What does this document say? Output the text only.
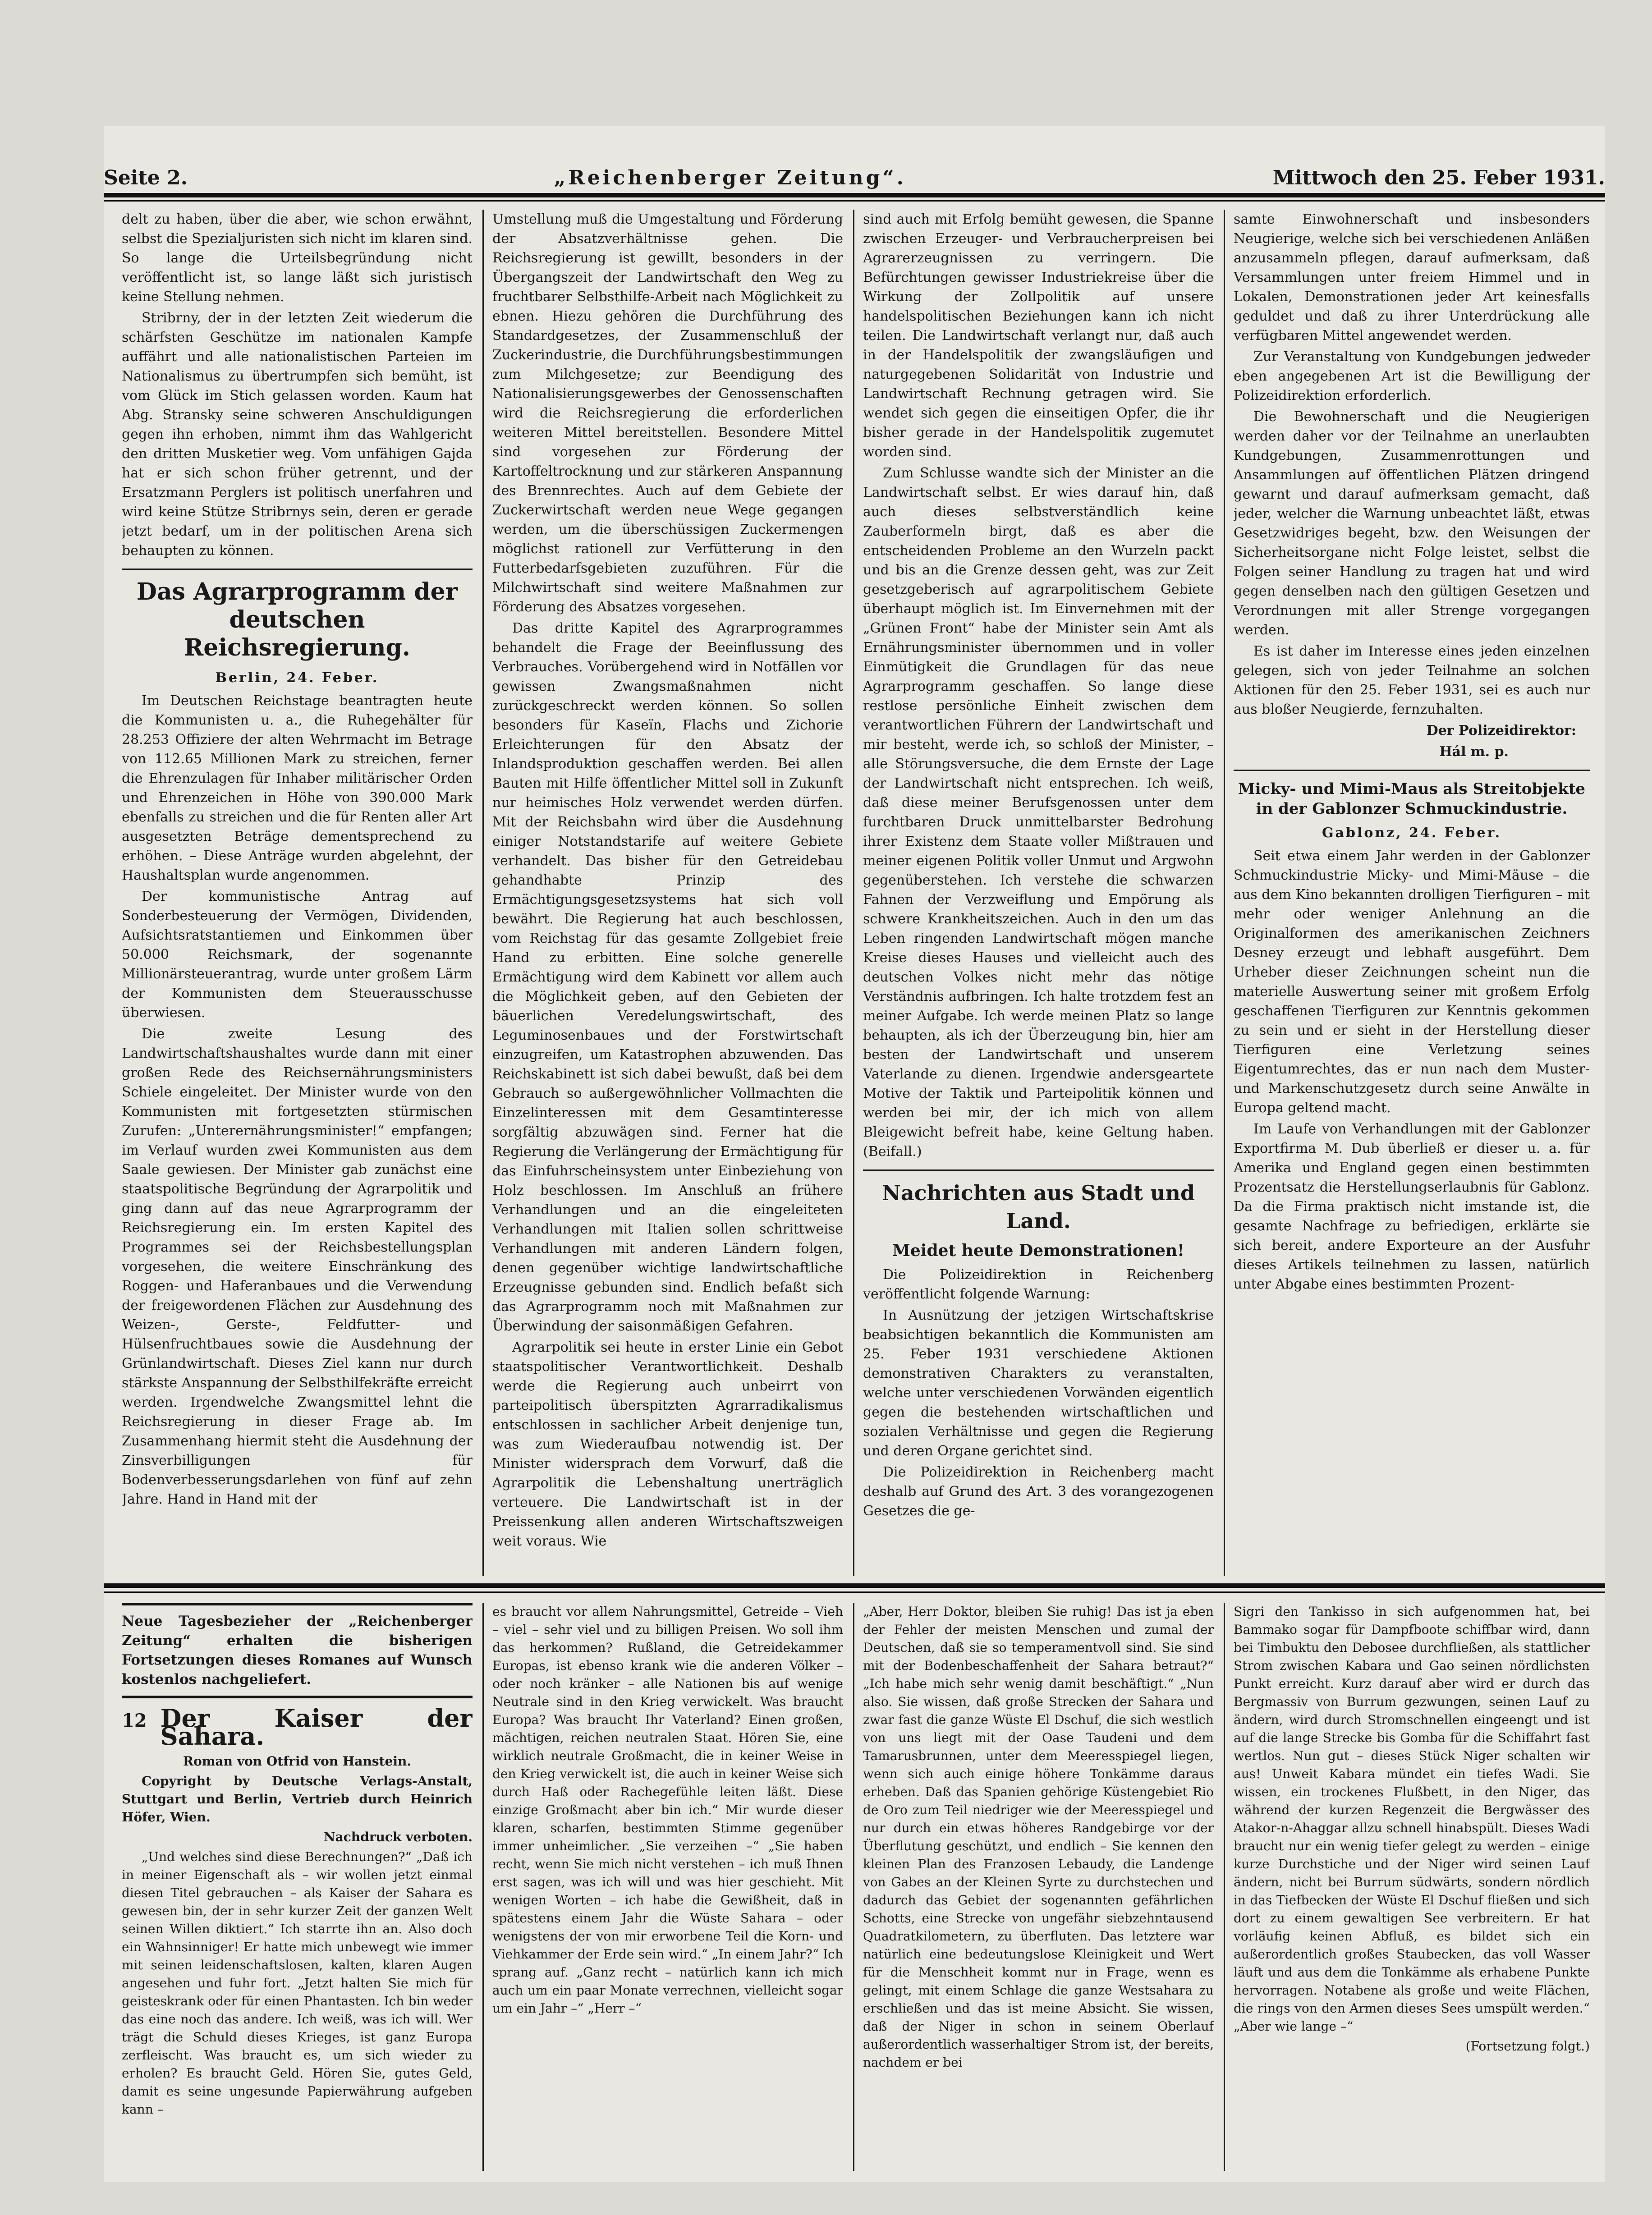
Seite 2.	„Reichenberger Zeitung“.	Mittwoch den 25. Feber 1931.

delt zu haben, über die aber, wie schon erwähnt, selbst die Spezialjuristen sich nicht im klaren sind. So lange die Urteilsbegründung nicht veröffentlicht ist, so lange läßt sich juristisch keine Stellung nehmen.

Stribrny, der in der letzten Zeit wiederum die schärfsten Geschütze im nationalen Kampfe auffährt und alle nationalistischen Parteien im Nationalismus zu übertrumpfen sich bemüht, ist vom Glück im Stich gelassen worden. Kaum hat Abg. Stransky seine schweren Anschuldigungen gegen ihn erhoben, nimmt ihm das Wahlgericht den dritten Musketier weg. Vom unfähigen Gajda hat er sich schon früher getrennt, und der Ersatzmann Perglers ist politisch unerfahren und wird keine Stütze Stribrnys sein, deren er gerade jetzt bedarf, um in der politischen Arena sich behaupten zu können.

Das Agrarprogramm der deutschen Reichsregierung.
Berlin, 24. Feber.

Im Deutschen Reichstage beantragten heute die Kommunisten u. a., die Ruhegehälter für 28.253 Offiziere der alten Wehrmacht im Betrage von 112.65 Millionen Mark zu streichen, ferner die Ehrenzulagen für Inhaber militärischer Orden und Ehrenzeichen in Höhe von 390.000 Mark ebenfalls zu streichen und die für Renten aller Art ausgesetzten Beträge dementsprechend zu erhöhen. – Diese Anträge wurden abgelehnt, der Haushaltsplan wurde angenommen.

Der kommunistische Antrag auf Sonderbesteuerung der Vermögen, Dividenden, Aufsichtsratstantiemen und Einkommen über 50.000 Reichsmark, der sogenannte Millionärsteuerantrag, wurde unter großem Lärm der Kommunisten dem Steuerausschusse überwiesen.

Die zweite Lesung des Landwirtschaftshaushaltes wurde dann mit einer großen Rede des Reichsernährungsministers Schiele eingeleitet. Der Minister wurde von den Kommunisten mit fortgesetzten stürmischen Zurufen: „Unterernährungsminister!“ empfangen; im Verlauf wurden zwei Kommunisten aus dem Saale gewiesen. Der Minister gab zunächst eine staatspolitische Begründung der Agrarpolitik und ging dann auf das neue Agrarprogramm der Reichsregierung ein. Im ersten Kapitel des Programmes sei der Reichsbestellungsplan vorgesehen, die weitere Einschränkung des Roggen- und Haferanbaues und die Verwendung der freigewordenen Flächen zur Ausdehnung des Weizen-, Gerste-, Feldfutter- und Hülsenfruchtbaues sowie die Ausdehnung der Grünlandwirtschaft. Dieses Ziel kann nur durch stärkste Anspannung der Selbsthilfekräfte erreicht werden. Irgendwelche Zwangsmittel lehnt die Reichsregierung in dieser Frage ab. Im Zusammenhang hiermit steht die Ausdehnung der Zinsverbilligungen für Bodenverbesserungsdarlehen von fünf auf zehn Jahre. Hand in Hand mit der

Umstellung muß die Umgestaltung und Förderung der Absatzverhältnisse gehen. Die Reichsregierung ist gewillt, besonders in der Übergangszeit der Landwirtschaft den Weg zu fruchtbarer Selbsthilfe-Arbeit nach Möglichkeit zu ebnen. Hiezu gehören die Durchführung des Standardgesetzes, der Zusammenschluß der Zuckerindustrie, die Durchführungsbestimmungen zum Milchgesetze; zur Beendigung des Nationalisierungsgewerbes der Genossenschaften wird die Reichsregierung die erforderlichen weiteren Mittel bereitstellen. Besondere Mittel sind vorgesehen zur Förderung der Kartoffeltrocknung und zur stärkeren Anspannung des Brennrechtes. Auch auf dem Gebiete der Zuckerwirtschaft werden neue Wege gegangen werden, um die überschüssigen Zuckermengen möglichst rationell zur Verfütterung in den Futterbedarfsgebieten zuzuführen. Für die Milchwirtschaft sind weitere Maßnahmen zur Förderung des Absatzes vorgesehen.

Das dritte Kapitel des Agrarprogrammes behandelt die Frage der Beeinflussung des Verbrauches. Vorübergehend wird in Notfällen vor gewissen Zwangsmaßnahmen nicht zurückgeschreckt werden können. So sollen besonders für Kaseïn, Flachs und Zichorie Erleichterungen für den Absatz der Inlandsproduktion geschaffen werden. Bei allen Bauten mit Hilfe öffentlicher Mittel soll in Zukunft nur heimisches Holz verwendet werden dürfen. Mit der Reichsbahn wird über die Ausdehnung einiger Notstandstarife auf weitere Gebiete verhandelt. Das bisher für den Getreidebau gehandhabte Prinzip des Ermächtigungsgesetzsystems hat sich voll bewährt. Die Regierung hat auch beschlossen, vom Reichstag für das gesamte Zollgebiet freie Hand zu erbitten. Eine solche generelle Ermächtigung wird dem Kabinett vor allem auch die Möglichkeit geben, auf den Gebieten der bäuerlichen Veredelungswirtschaft, des Leguminosenbaues und der Forstwirtschaft einzugreifen, um Katastrophen abzuwenden. Das Reichskabinett ist sich dabei bewußt, daß bei dem Gebrauch so außergewöhnlicher Vollmachten die Einzelinteressen mit dem Gesamtinteresse sorgfältig abzuwägen sind. Ferner hat die Regierung die Verlängerung der Ermächtigung für das Einfuhrscheinsystem unter Einbeziehung von Holz beschlossen. Im Anschluß an frühere Verhandlungen und an die eingeleiteten Verhandlungen mit Italien sollen schrittweise Verhandlungen mit anderen Ländern folgen, denen gegenüber wichtige landwirtschaftliche Erzeugnisse gebunden sind. Endlich befaßt sich das Agrarprogramm noch mit Maßnahmen zur Überwindung der saisonmäßigen Gefahren.

Agrarpolitik sei heute in erster Linie ein Gebot staatspolitischer Verantwortlichkeit. Deshalb werde die Regierung auch unbeirrt von parteipolitisch überspitzten Agrarradikalismus entschlossen in sachlicher Arbeit denjenige tun, was zum Wiederaufbau notwendig ist. Der Minister widersprach dem Vorwurf, daß die Agrarpolitik die Lebenshaltung unerträglich verteuere. Die Landwirtschaft ist in der Preissenkung allen anderen Wirtschaftszweigen weit voraus. Wie

sind auch mit Erfolg bemüht gewesen, die Spanne zwischen Erzeuger- und Verbraucherpreisen bei Agrarerzeugnissen zu verringern. Die Befürchtungen gewisser Industriekreise über die Wirkung der Zollpolitik auf unsere handelspolitischen Beziehungen kann ich nicht teilen. Die Landwirtschaft verlangt nur, daß auch in der Handelspolitik der zwangsläufigen und naturgegebenen Solidarität von Industrie und Landwirtschaft Rechnung getragen wird. Sie wendet sich gegen die einseitigen Opfer, die ihr bisher gerade in der Handelspolitik zugemutet worden sind.

Zum Schlusse wandte sich der Minister an die Landwirtschaft selbst. Er wies darauf hin, daß auch dieses selbstverständlich keine Zauberformeln birgt, daß es aber die entscheidenden Probleme an den Wurzeln packt und bis an die Grenze dessen geht, was zur Zeit gesetzgeberisch auf agrarpolitischem Gebiete überhaupt möglich ist. Im Einvernehmen mit der „Grünen Front“ habe der Minister sein Amt als Ernährungsminister übernommen und in voller Einmütigkeit die Grundlagen für das neue Agrarprogramm geschaffen. So lange diese restlose persönliche Einheit zwischen dem verantwortlichen Führern der Landwirtschaft und mir besteht, werde ich, so schloß der Minister, – alle Störungsversuche, die dem Ernste der Lage der Landwirtschaft nicht entsprechen. Ich weiß, daß diese meiner Berufsgenossen unter dem furchtbaren Druck unmittelbarster Bedrohung ihrer Existenz dem Staate voller Mißtrauen und meiner eigenen Politik voller Unmut und Argwohn gegenüberstehen. Ich verstehe die schwarzen Fahnen der Verzweiflung und Empörung als schwere Krankheitszeichen. Auch in den um das Leben ringenden Landwirtschaft mögen manche Kreise dieses Hauses und vielleicht auch des deutschen Volkes nicht mehr das nötige Verständnis aufbringen. Ich halte trotzdem fest an meiner Aufgabe. Ich werde meinen Platz so lange behaupten, als ich der Überzeugung bin, hier am besten der Landwirtschaft und unserem Vaterlande zu dienen. Irgendwie andersgeartete Motive der Taktik und Parteipolitik können und werden bei mir, der ich mich von allem Bleigewicht befreit habe, keine Geltung haben. (Beifall.)

Nachrichten aus Stadt und Land.
Meidet heute Demonstrationen!

Die Polizeidirektion in Reichenberg veröffentlicht folgende Warnung:

In Ausnützung der jetzigen Wirtschaftskrise beabsichtigen bekanntlich die Kommunisten am 25. Feber 1931 verschiedene Aktionen demonstrativen Charakters zu veranstalten, welche unter verschiedenen Vorwänden eigentlich gegen die bestehenden wirtschaftlichen und sozialen Verhältnisse und gegen die Regierung und deren Organe gerichtet sind.

Die Polizeidirektion in Reichenberg macht deshalb auf Grund des Art. 3 des vorangezogenen Gesetzes die ge-

samte Einwohnerschaft und insbesonders Neugierige, welche sich bei verschiedenen Anläßen anzusammeln pflegen, darauf aufmerksam, daß Versammlungen unter freiem Himmel und in Lokalen, Demonstrationen jeder Art keinesfalls geduldet und daß zu ihrer Unterdrückung alle verfügbaren Mittel angewendet werden.

Zur Veranstaltung von Kundgebungen jedweder eben angegebenen Art ist die Bewilligung der Polizeidirektion erforderlich.

Die Bewohnerschaft und die Neugierigen werden daher vor der Teilnahme an unerlaubten Kundgebungen, Zusammenrottungen und Ansammlungen auf öffentlichen Plätzen dringend gewarnt und darauf aufmerksam gemacht, daß jeder, welcher die Warnung unbeachtet läßt, etwas Gesetzwidriges begeht, bzw. den Weisungen der Sicherheitsorgane nicht Folge leistet, selbst die Folgen seiner Handlung zu tragen hat und wird gegen denselben nach den gültigen Gesetzen und Verordnungen mit aller Strenge vorgegangen werden.

Es ist daher im Interesse eines jeden einzelnen gelegen, sich von jeder Teilnahme an solchen Aktionen für den 25. Feber 1931, sei es auch nur aus bloßer Neugierde, fernzuhalten.

Der Polizeidirektor:
Hál m. p.
Micky- und Mimi-Maus als Streitobjekte in der Gablonzer Schmuckindustrie.
Gablonz, 24. Feber.

Seit etwa einem Jahr werden in der Gablonzer Schmuckindustrie Micky- und Mimi-Mäuse – die aus dem Kino bekannten drolligen Tierfiguren – mit mehr oder weniger Anlehnung an die Originalformen des amerikanischen Zeichners Desney erzeugt und lebhaft ausgeführt. Dem Urheber dieser Zeichnungen scheint nun die materielle Auswertung seiner mit großem Erfolg geschaffenen Tierfiguren zur Kenntnis gekommen zu sein und er sieht in der Herstellung dieser Tierfiguren eine Verletzung seines Eigentumrechtes, das er nun nach dem Muster- und Markenschutzgesetz durch seine Anwälte in Europa geltend macht.

Im Laufe von Verhandlungen mit der Gablonzer Exportfirma M. Dub überließ er dieser u. a. für Amerika und England gegen einen bestimmten Prozentsatz die Herstellungserlaubnis für Gablonz. Da die Firma praktisch nicht imstande ist, die gesamte Nachfrage zu befriedigen, erklärte sie sich bereit, andere Exporteure an der Ausfuhr dieses Artikels teilnehmen zu lassen, natürlich unter Abgabe eines bestimmten Prozent-

Neue Tagesbezieher der „Reichenberger Zeitung“ erhalten die bisherigen Fortsetzungen dieses Romanes auf Wunsch kostenlos nachgeliefert.
12 Der Kaiser der Sahara.

Roman von Otfrid von Hanstein.

Copyright by Deutsche Verlags-Anstalt, Stuttgart und Berlin, Vertrieb durch Heinrich Höfer, Wien.

Nachdruck verboten.

„Und welches sind diese Berechnungen?“ „Daß ich in meiner Eigenschaft als – wir wollen jetzt einmal diesen Titel gebrauchen – als Kaiser der Sahara es gewesen bin, der in sehr kurzer Zeit der ganzen Welt seinen Willen diktiert.“ Ich starrte ihn an. Also doch ein Wahnsinniger! Er hatte mich unbewegt wie immer mit seinen leidenschaftslosen, kalten, klaren Augen angesehen und fuhr fort. „Jetzt halten Sie mich für geisteskrank oder für einen Phantasten. Ich bin weder das eine noch das andere. Ich weiß, was ich will. Wer trägt die Schuld dieses Krieges, ist ganz Europa zerfleischt. Was braucht es, um sich wieder zu erholen? Es braucht Geld. Hören Sie, gutes Geld, damit es seine ungesunde Papierwährung aufgeben kann –

es braucht vor allem Nahrungsmittel, Getreide – Vieh – viel – sehr viel und zu billigen Preisen. Wo soll ihm das herkommen? Rußland, die Getreidekammer Europas, ist ebenso krank wie die anderen Völker – oder noch kränker – alle Nationen bis auf wenige Neutrale sind in den Krieg verwickelt. Was braucht Europa? Was braucht Ihr Vaterland? Einen großen, mächtigen, reichen neutralen Staat. Hören Sie, eine wirklich neutrale Großmacht, die in keiner Weise in den Krieg verwickelt ist, die auch in keiner Weise sich durch Haß oder Rachegefühle leiten läßt. Diese einzige Großmacht aber bin ich.“ Mir wurde dieser klaren, scharfen, bestimmten Stimme gegenüber immer unheimlicher. „Sie verzeihen –“ „Sie haben recht, wenn Sie mich nicht verstehen – ich muß Ihnen erst sagen, was ich will und was hier geschieht. Mit wenigen Worten – ich habe die Gewißheit, daß in spätestens einem Jahr die Wüste Sahara – oder wenigstens der von mir erworbene Teil die Korn- und Viehkammer der Erde sein wird.“ „In einem Jahr?“ Ich sprang auf. „Ganz recht – natürlich kann ich mich auch um ein paar Monate verrechnen, vielleicht sogar um ein Jahr –“ „Herr –“

„Aber, Herr Doktor, bleiben Sie ruhig! Das ist ja eben der Fehler der meisten Menschen und zumal der Deutschen, daß sie so temperamentvoll sind. Sie sind mit der Bodenbeschaffenheit der Sahara betraut?“ „Ich habe mich sehr wenig damit beschäftigt.“ „Nun also. Sie wissen, daß große Strecken der Sahara und zwar fast die ganze Wüste El Dschuf, die sich westlich von uns liegt mit der Oase Taudeni und dem Tamarusbrunnen, unter dem Meeresspiegel liegen, wenn sich auch einige höhere Tonkämme daraus erheben. Daß das Spanien gehörige Küstengebiet Rio de Oro zum Teil niedriger wie der Meeresspiegel und nur durch ein etwas höheres Randgebirge vor der Überflutung geschützt, und endlich – Sie kennen den kleinen Plan des Franzosen Lebaudy, die Landenge von Gabes an der Kleinen Syrte zu durchstechen und dadurch das Gebiet der sogenannten gefährlichen Schotts, eine Strecke von ungefähr siebzehntausend Quadratkilometern, zu überfluten. Das letztere war natürlich eine bedeutungslose Kleinigkeit und Wert für die Menschheit kommt nur in Frage, wenn es gelingt, mit einem Schlage die ganze Westsahara zu erschließen und das ist meine Absicht. Sie wissen, daß der Niger in schon in seinem Oberlauf außerordentlich wasserhaltiger Strom ist, der bereits, nachdem er bei

Sigri den Tankisso in sich aufgenommen hat, bei Bammako sogar für Dampfboote schiffbar wird, dann bei Timbuktu den Debosee durchfließen, als stattlicher Strom zwischen Kabara und Gao seinen nördlichsten Punkt erreicht. Kurz darauf aber wird er durch das Bergmassiv von Burrum gezwungen, seinen Lauf zu ändern, wird durch Stromschnellen eingeengt und ist auf die lange Strecke bis Gomba für die Schiffahrt fast wertlos. Nun gut – dieses Stück Niger schalten wir aus! Unweit Kabara mündet ein tiefes Wadi. Sie wissen, ein trockenes Flußbett, in den Niger, das während der kurzen Regenzeit die Bergwässer des Atakor-n-Ahaggar allzu schnell hinabspült. Dieses Wadi braucht nur ein wenig tiefer gelegt zu werden – einige kurze Durchstiche und der Niger wird seinen Lauf ändern, nicht bei Burrum südwärts, sondern nördlich in das Tiefbecken der Wüste El Dschuf fließen und sich dort zu einem gewaltigen See verbreitern. Er hat vorläufig keinen Abfluß, es bildet sich ein außerordentlich großes Staubecken, das voll Wasser läuft und aus dem die Tonkämme als erhabene Punkte hervorragen. Notabene als große und weite Flächen, die rings von den Armen dieses Sees umspült werden.“ „Aber wie lange –“

(Fortsetzung folgt.)
